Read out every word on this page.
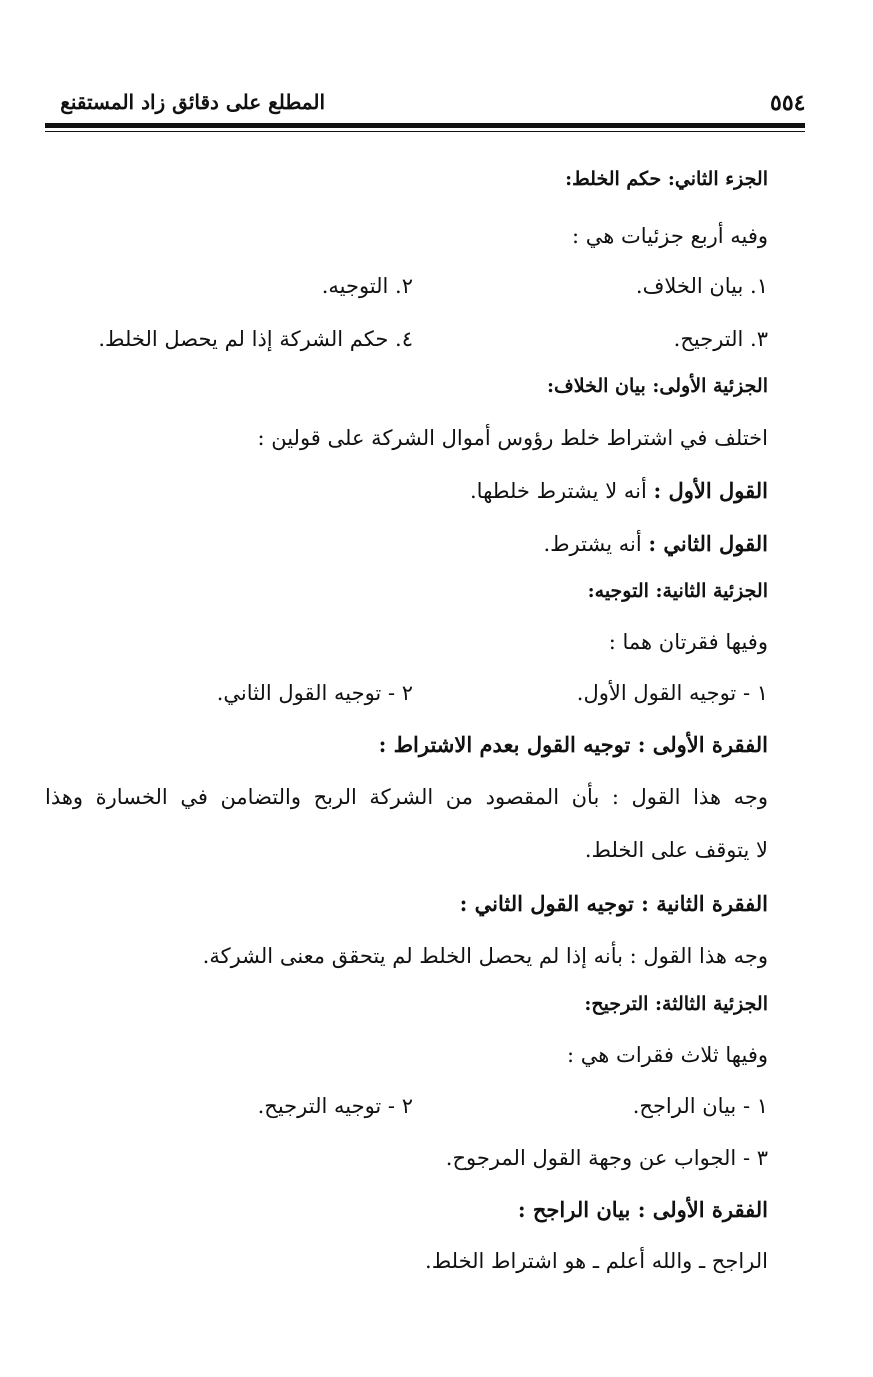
المطلع على دقائق زاد المستقنع	٥٥٤
الجزء الثاني: حكم الخلط:
وفيه أربع جزئيات هي :
١. بيان الخلاف.
٢. التوجيه.
٣. الترجيح.
٤. حكم الشركة إذا لم يحصل الخلط.
الجزئية الأولى: بيان الخلاف:
اختلف في اشتراط خلط رؤوس أموال الشركة على قولين :
القول الأول : أنه لا يشترط خلطها.
القول الثاني : أنه يشترط.
الجزئية الثانية: التوجيه:
وفيها فقرتان هما :
١ - توجيه القول الأول.
٢ - توجيه القول الثاني.
الفقرة الأولى : توجيه القول بعدم الاشتراط :
وجه هذا القول : بأن المقصود من الشركة الربح والتضامن في الخسارة وهذا
لا يتوقف على الخلط.
الفقرة الثانية : توجيه القول الثاني :
وجه هذا القول : بأنه إذا لم يحصل الخلط لم يتحقق معنى الشركة.
الجزئية الثالثة: الترجيح:
وفيها ثلاث فقرات هي :
١ - بيان الراجح.
٢ - توجيه الترجيح.
٣ - الجواب عن وجهة القول المرجوح.
الفقرة الأولى : بيان الراجح :
الراجح ـ والله أعلم ـ هو اشتراط الخلط.
